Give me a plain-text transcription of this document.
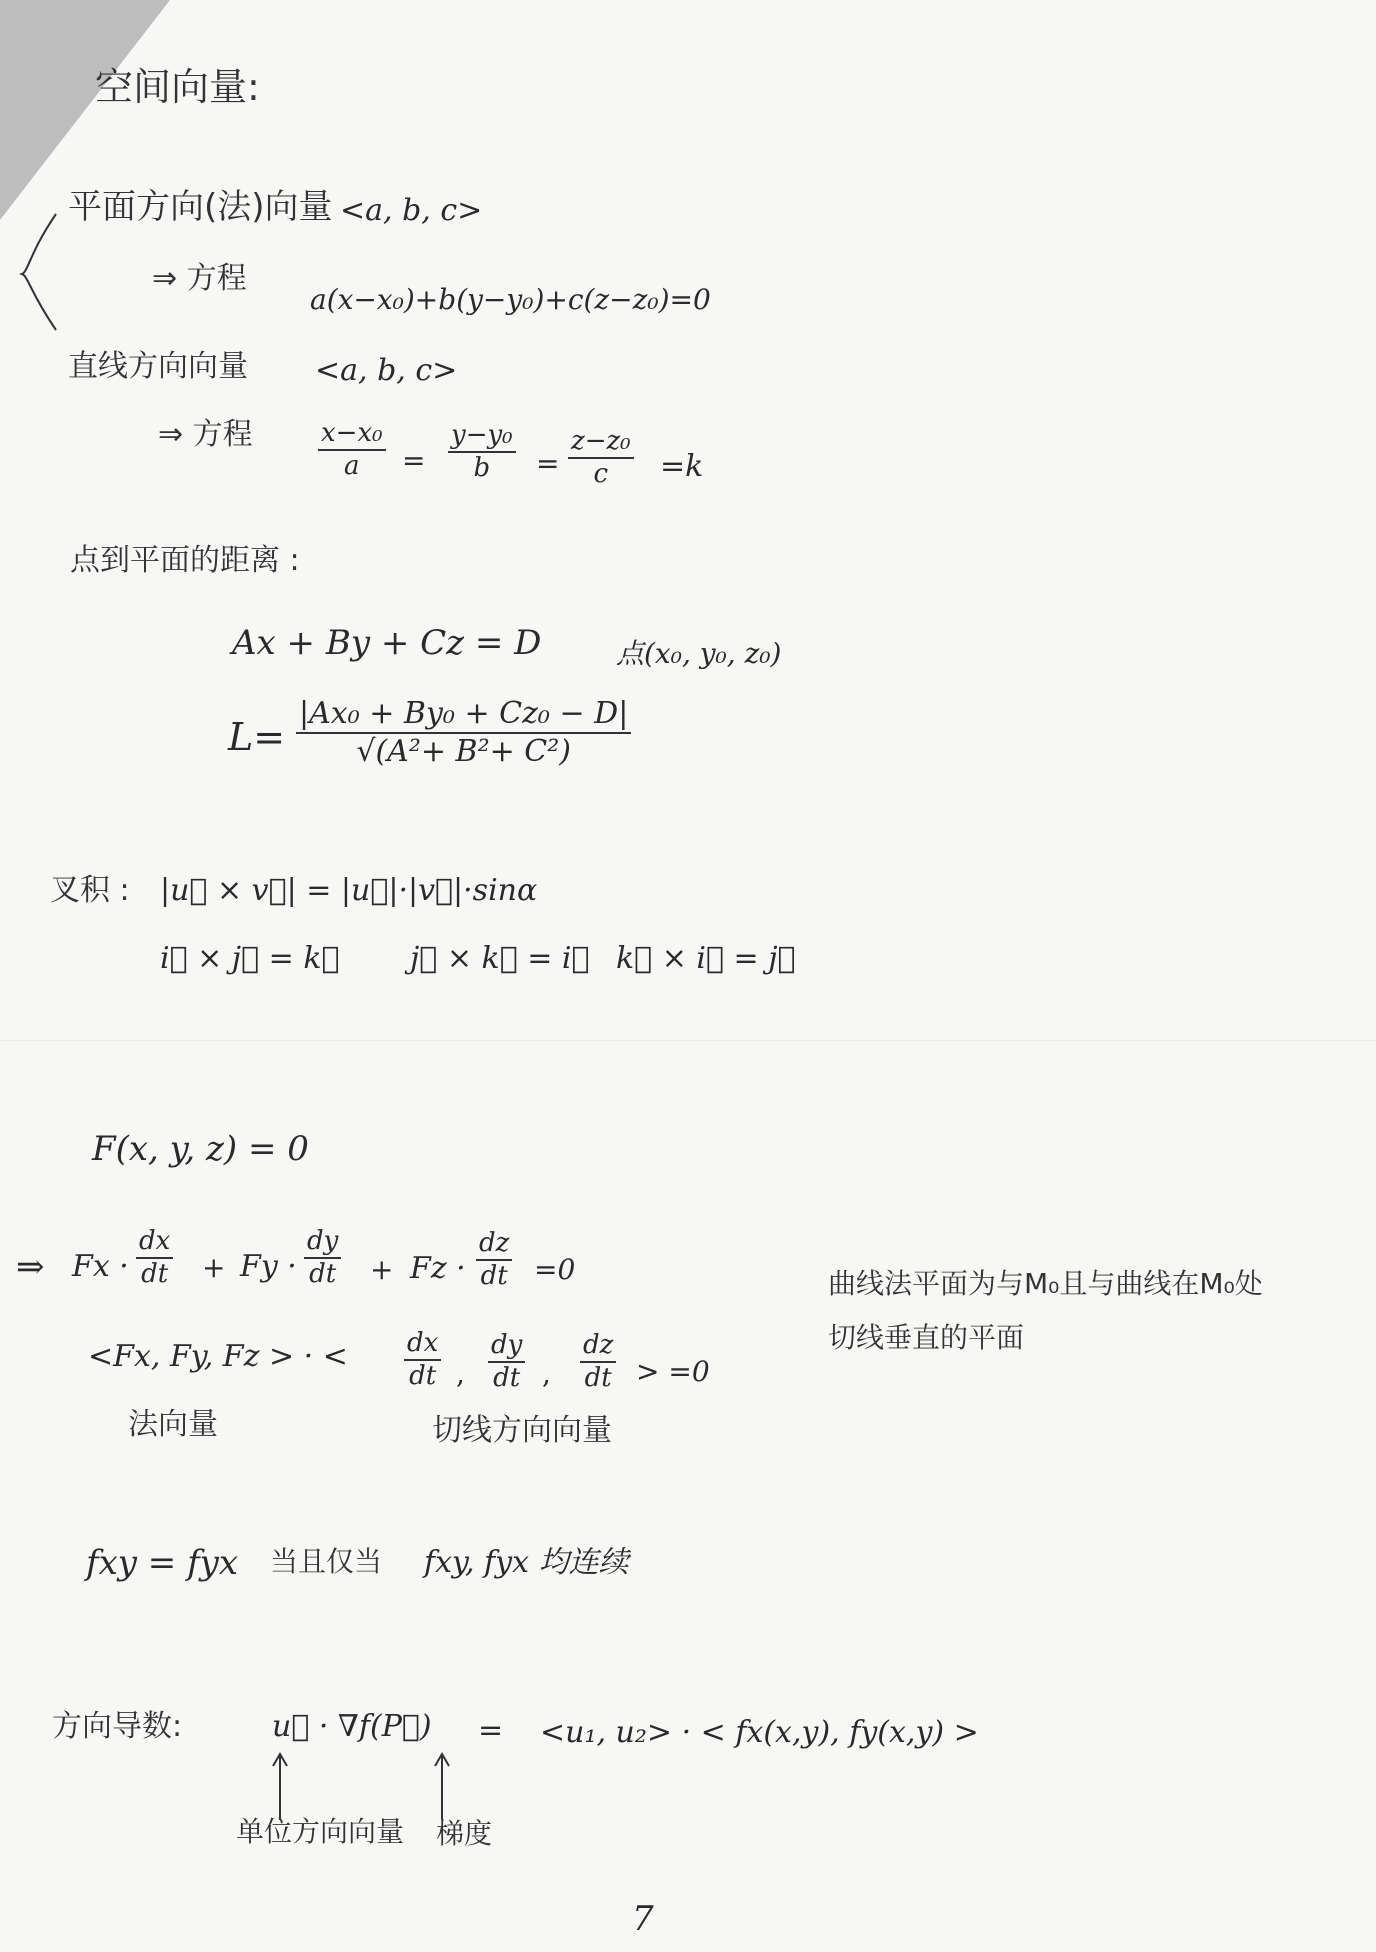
空间向量:
平面方向(法)向量 <a, b, c>
⇒ 方程
a(x−x₀)+b(y−y₀)+c(z−z₀)=0
直线方向向量 <a, b, c>
⇒ 方程	x−x₀
a =
y−y₀
b =
z−z₀
c =k
点到平面的距离 :
Ax + By + Cz = D	点(x₀, y₀, z₀)
L=
|Ax₀ + By₀ + Cz₀ − D|
√(A²+ B²+ C²)
叉积 : |u⃗ × v⃗| = |u⃗|·|v⃗|·sinα
i⃗ × j⃗ = k⃗ j⃗ × k⃗ = i⃗ k⃗ × i⃗ = j⃗
F(x, y, z) = 0
⇒ Fx ·
dx
dt + Fy ·
dy
dt + Fz ·
dz
dt =0
<Fx, Fy, Fz > · < dx
dt ,
dy
dt ,
dz
dt > =0
法向量	切线方向向量
曲线法平面为与M₀且与曲线在M₀处
切线垂直的平面
fxy = fyx 当且仅当 fxy, fyx 均连续
方向导数:	u⃗ · ∇f(P⃗) = <u₁, u₂> · < fx(x,y), fy(x,y) >
单位方向向量 梯度
7
